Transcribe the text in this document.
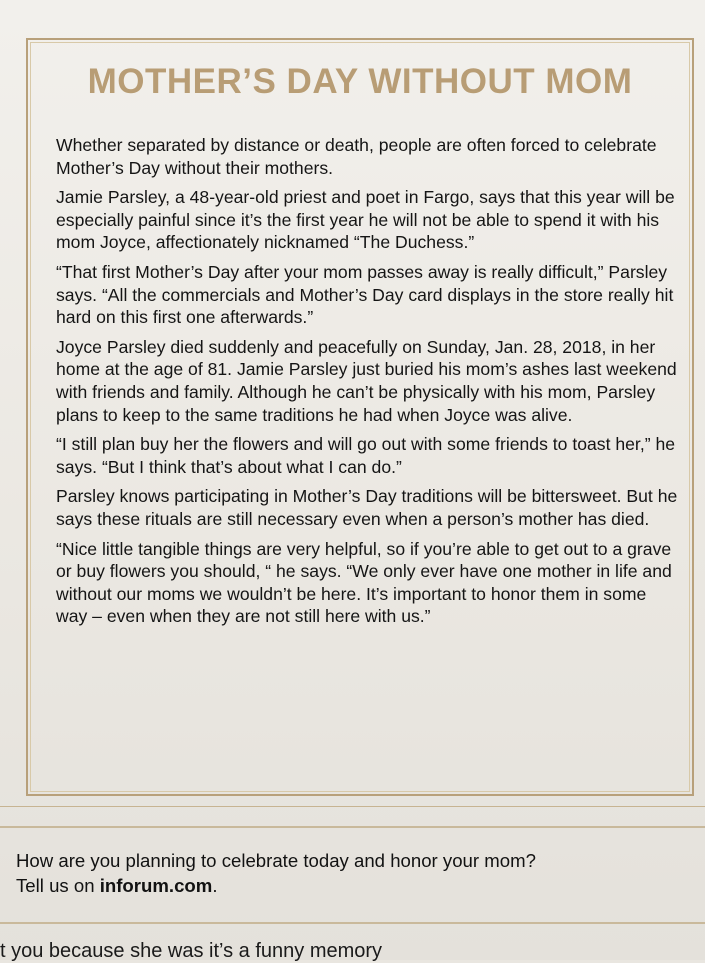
MOTHER’S DAY WITHOUT MOM

Whether separated by distance or death, people are often forced to celebrate Mother’s Day without their mothers.

Jamie Parsley, a 48-year-old priest and poet in Fargo, says that this year will be especially painful since it’s the first year he will not be able to spend it with his mom Joyce, affectionately nicknamed “The Duchess.”

“That first Mother’s Day after your mom passes away is really difficult,” Parsley says. “All the commercials and Mother’s Day card displays in the store really hit hard on this first one afterwards.”

Joyce Parsley died suddenly and peacefully on Sunday, Jan. 28, 2018, in her home at the age of 81. Jamie Parsley just buried his mom’s ashes last weekend with friends and family. Although he can’t be physically with his mom, Parsley plans to keep to the same traditions he had when Joyce was alive.

“I still plan buy her the flowers and will go out with some friends to toast her,” he says. “But I think that’s about what I can do.”

Parsley knows participating in Mother’s Day traditions will be bittersweet. But he says these rituals are still necessary even when a person’s mother has died.

“Nice little tangible things are very helpful, so if you’re able to get out to a grave or buy flowers you should, “ he says. “We only ever have one mother in life and without our moms we wouldn’t be here. It’s important to honor them in some way – even when they are not still here with us.”

How are you planning to celebrate today and honor your mom?
Tell us on inforum.com.
t you because she was it’s a funny memory
